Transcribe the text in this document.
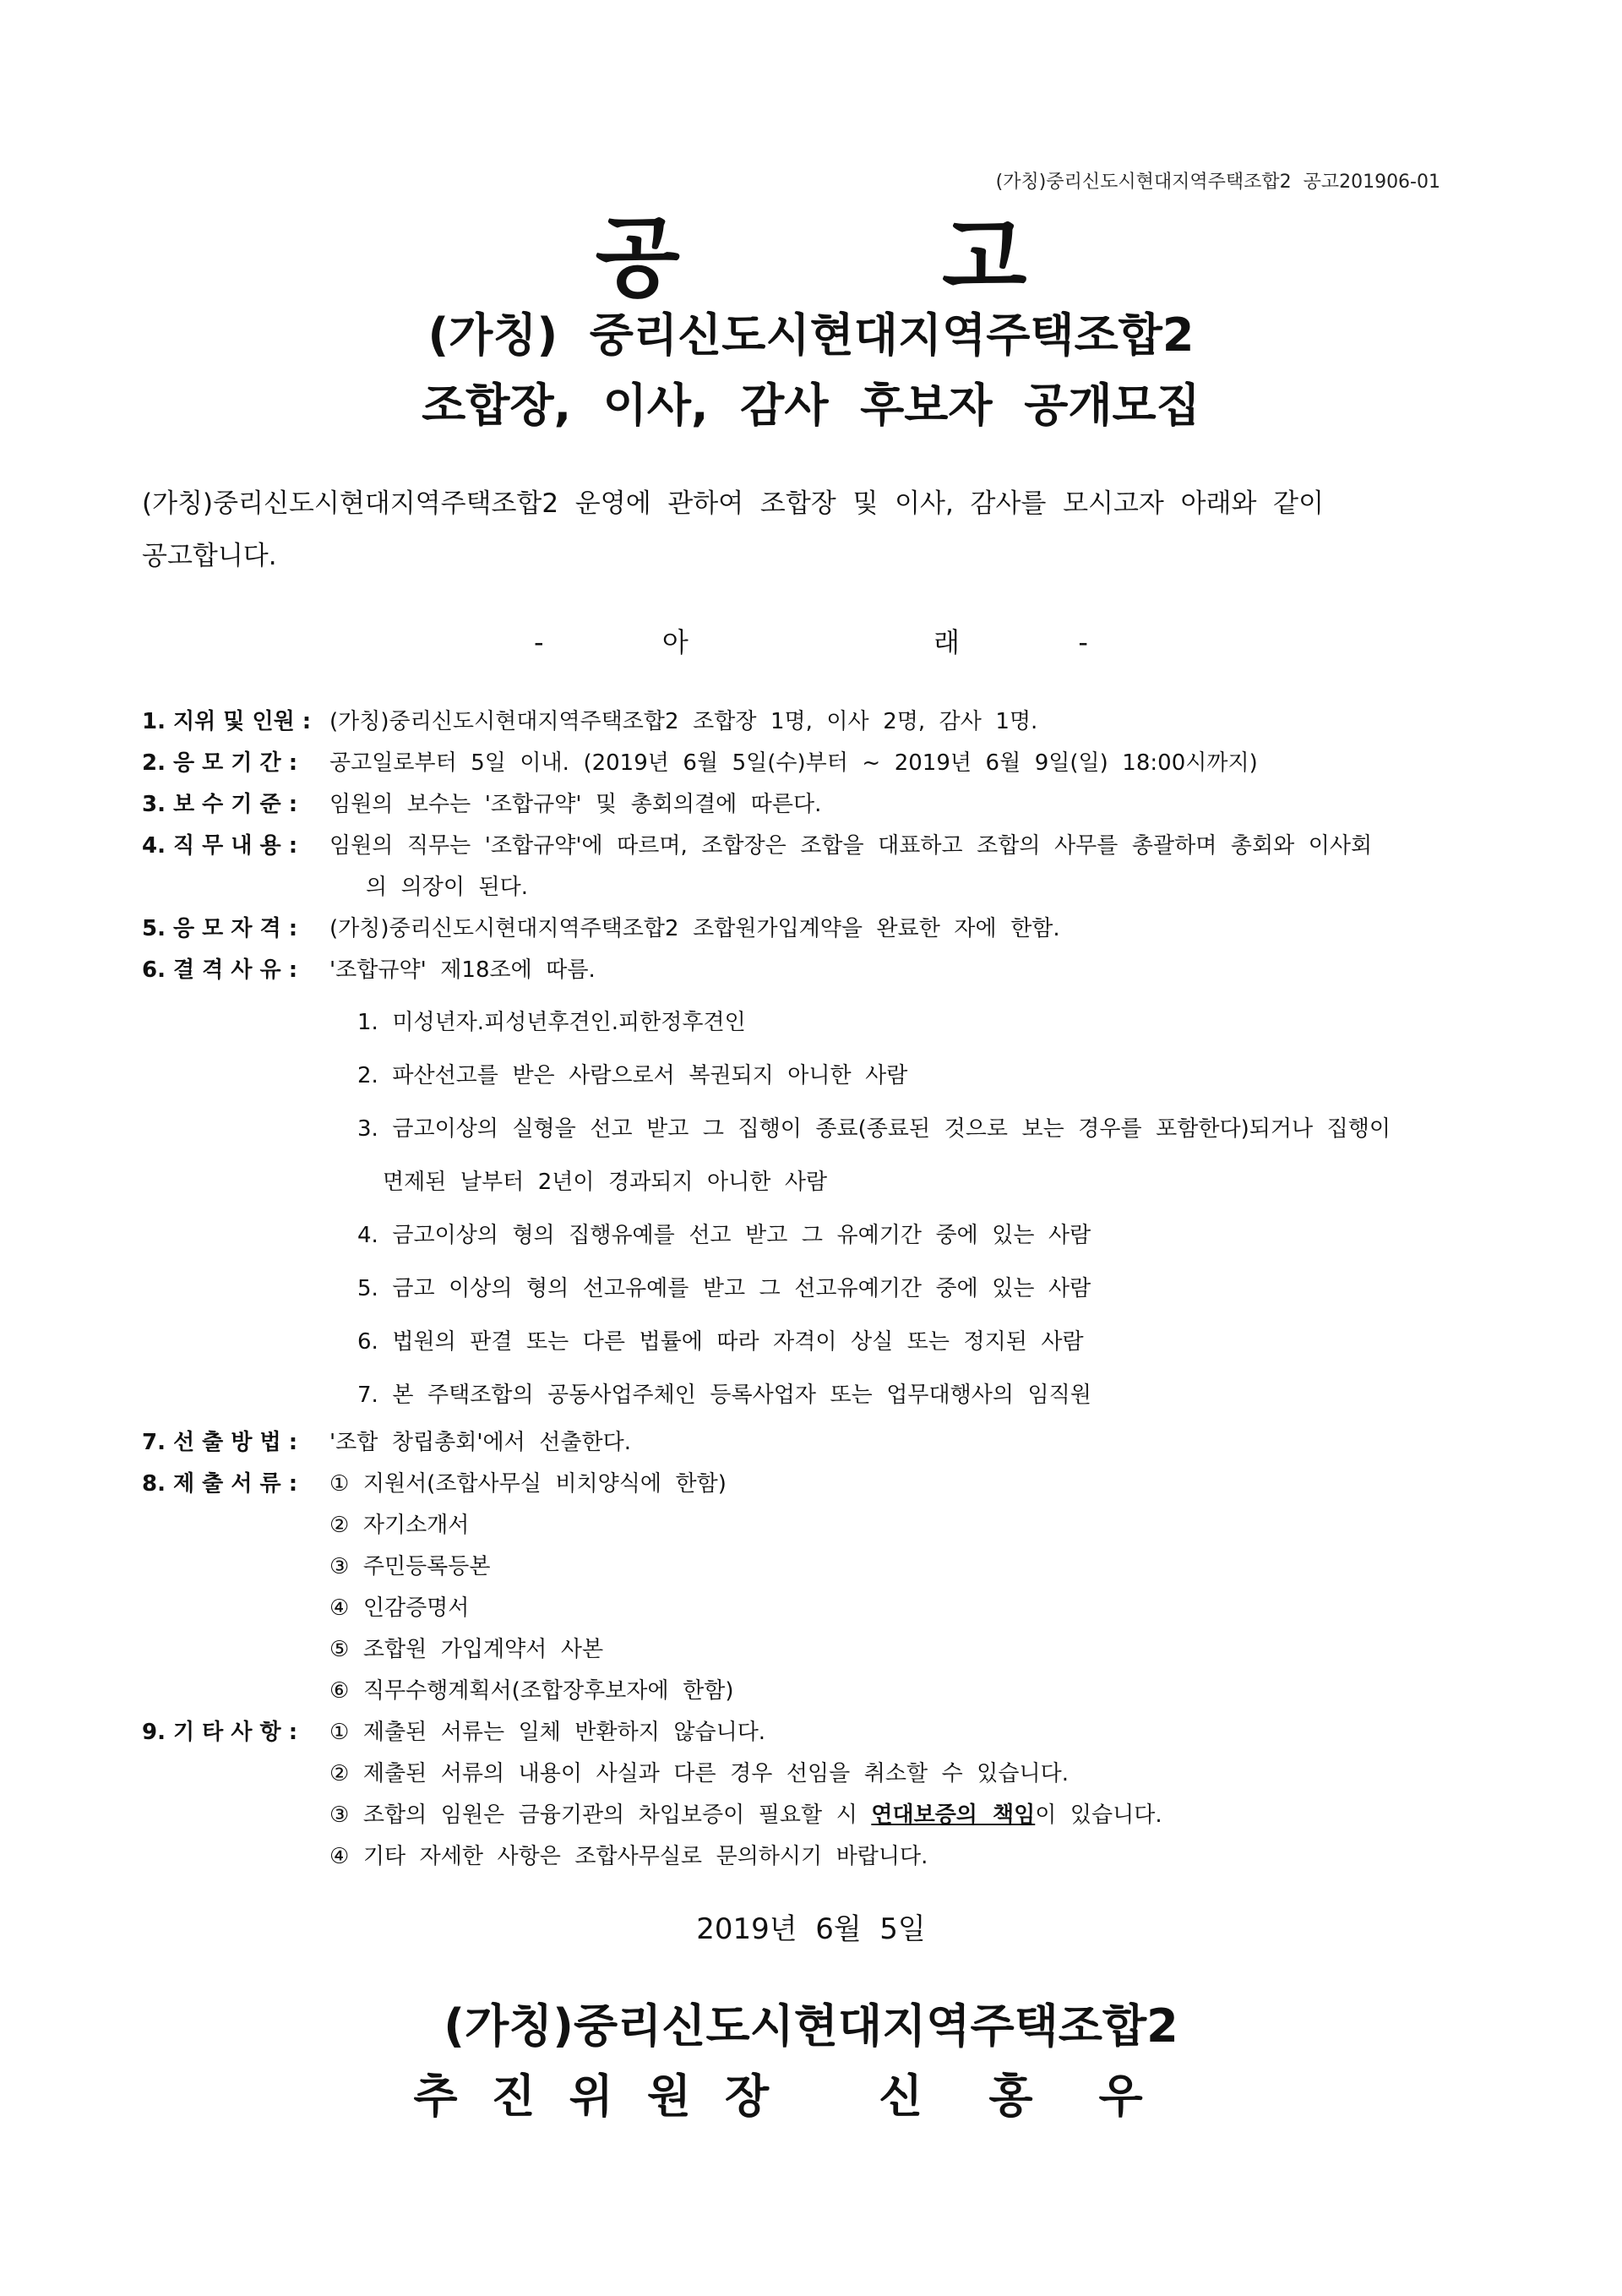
(가칭)중리신도시현대지역주택조합2  공고201906-01
공고
(가칭)  중리신도시현대지역주택조합2
조합장,  이사,  감사  후보자  공개모집
(가칭)중리신도시현대지역주택조합2  운영에  관하여  조합장  및  이사,  감사를  모시고자  아래와  같이
공고합니다.
-  아	래  -
1. 지위 및 인원 : (가칭)중리신도시현대지역주택조합2  조합장  1명,  이사  2명,  감사  1명.
2. 응 모 기 간 :	공고일로부터  5일  이내.  (2019년  6월  5일(수)부터  ~  2019년  6월  9일(일)  18:00시까지)
3. 보 수 기 준 :	임원의  보수는  '조합규약'  및  총회의결에  따른다.
4. 직 무 내 용 :	임원의  직무는  '조합규약'에  따르며,  조합장은  조합을  대표하고  조합의  사무를  총괄하며  총회와  이사회
의  의장이  된다.
5. 응 모 자 격 :	(가칭)중리신도시현대지역주택조합2  조합원가입계약을  완료한  자에  한함.
6. 결 격 사 유 :	'조합규약'  제18조에  따름.
1.  미성년자.피성년후견인.피한정후견인
2.  파산선고를  받은  사람으로서  복권되지  아니한  사람
3.  금고이상의  실형을  선고  받고  그  집행이  종료(종료된  것으로  보는  경우를  포함한다)되거나  집행이
면제된  날부터  2년이  경과되지  아니한  사람
4.  금고이상의  형의  집행유예를  선고  받고  그  유예기간  중에  있는  사람
5.  금고  이상의  형의  선고유예를  받고  그  선고유예기간  중에  있는  사람
6.  법원의  판결  또는  다른  법률에  따라  자격이  상실  또는  정지된  사람
7.  본  주택조합의  공동사업주체인  등록사업자  또는  업무대행사의  임직원
7. 선 출 방 법 :	'조합  창립총회'에서  선출한다.
8. 제 출 서 류 :	①  지원서(조합사무실  비치양식에  한함)
②  자기소개서
③  주민등록등본
④  인감증명서
⑤  조합원  가입계약서  사본
⑥  직무수행계획서(조합장후보자에  한함)
9. 기 타 사 항 :	①  제출된  서류는  일체  반환하지  않습니다.
②  제출된  서류의  내용이  사실과  다른  경우  선임을  취소할  수  있습니다.
③  조합의  임원은  금융기관의  차입보증이  필요할  시  연대보증의  책임이  있습니다.
④  기타  자세한  사항은  조합사무실로  문의하시기  바랍니다.
2019년  6월  5일
(가칭)중리신도시현대지역주택조합2
추진위원장 신홍우
